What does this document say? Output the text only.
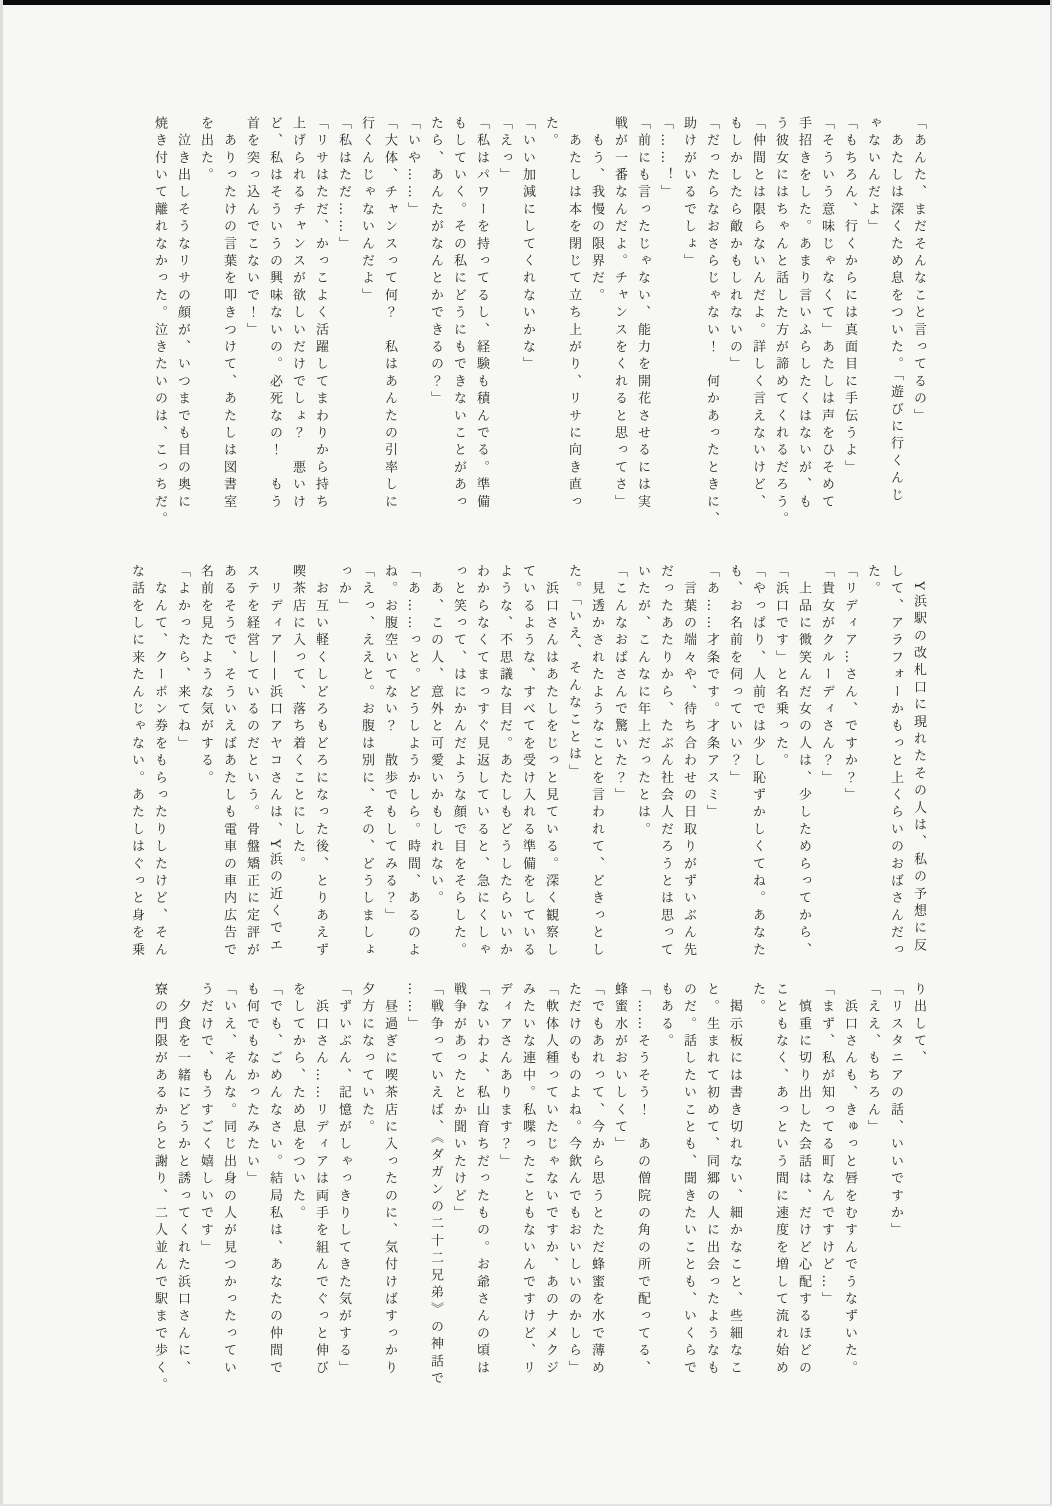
「あんた、まだそんなこと言ってるの」

　あたしは深くため息をついた。「遊びに行くんじ

ゃないんだよ」

「もちろん、行くからには真面目に手伝うよ」

「そういう意味じゃなくて」あたしは声をひそめて

手招きをした。あまり言いふらしたくはないが、も

う彼女にはちゃんと話した方が諦めてくれるだろう。

「仲間とは限らないんだよ。詳しく言えないけど、

もしかしたら敵かもしれないの」

「だったらなおさらじゃない！　何かあったときに、

助けがいるでしょ」

「……！」

「前にも言ったじゃない、能力を開花させるには実

戦が一番なんだよ。チャンスをくれると思ってさ」

　もう、我慢の限界だ。

　あたしは本を閉じて立ち上がり、リサに向き直っ

た。

「いい加減にしてくれないかな」

「えっ」

「私はパワーを持ってるし、経験も積んでる。準備

もしていく。その私にどうにもできないことがあっ

たら、あんたがなんとかできるの？」

「いや……」

「大体、チャンスって何？　私はあんたの引率しに

行くんじゃないんだよ」

「私はただ……」

「リサはただ、かっこよく活躍してまわりから持ち

上げられるチャンスが欲しいだけでしょ？　悪いけ

ど、私はそういうの興味ないの。必死なの！　もう

首を突っ込んでこないで！」

　ありったけの言葉を叩きつけて、あたしは図書室

を出た。

　泣き出しそうなリサの顔が、いつまでも目の奥に

焼き付いて離れなかった。泣きたいのは、こっちだ。

　Y浜駅の改札口に現れたその人は、私の予想に反

して、アラフォーかもっと上くらいのおばさんだっ

た。

「リディア…さん、ですか？」

「貴女がクルーディさん？」

　上品に微笑んだ女の人は、少しためらってから、

「浜口です」と名乗った。

「やっぱり、人前では少し恥ずかしくてね。あなた

も、お名前を伺っていい？」

「あ……才条です。才条アスミ」

　言葉の端々や、待ち合わせの日取りがずいぶん先

だったあたりから、たぶん社会人だろうとは思って

いたが、こんなに年上だったとは。

「こんなおばさんで驚いた？」

　見透かされたようなことを言われて、どきっとし

た。「いえ、そんなことは」

　浜口さんはあたしをじっと見ている。深く観察し

ているような、すべてを受け入れる準備をしている

ような、不思議な目だ。あたしもどうしたらいいか

わからなくてまっすぐ見返していると、急にくしゃ

っと笑って、はにかんだような顔で目をそらした。

　あ、この人、意外と可愛いかもしれない。

「あ……っと。どうしようかしら。時間、あるのよ

ね。お腹空いてない？　散歩でもしてみる？」

「えっ、ええと。お腹は別に、その、どうしましょ

っか」

　お互い軽くしどろもどろになった後、とりあえず

喫茶店に入って、落ち着くことにした。

　リディア——浜口アヤコさんは、Y浜の近くでエ

ステを経営しているのだという。骨盤矯正に定評が

あるそうで、そういえばあたしも電車の車内広告で

名前を見たような気がする。

「よかったら、来てね」

　なんて、クーポン券をもらったりしたけど、そん

な話をしに来たんじゃない。あたしはぐっと身を乗

り出して、

「リスタニアの話、いいですか」

「ええ、もちろん」

　浜口さんも、きゅっと唇をむすんでうなずいた。

「まず、私が知ってる町なんですけど…」

　慎重に切り出した会話は、だけど心配するほどの

こともなく、あっという間に速度を増して流れ始め

た。

　掲示板には書き切れない、細かなこと、些細なこ

と。生まれて初めて、同郷の人に出会ったようなも

のだ。話したいことも、聞きたいことも、いくらで

もある。

「……そうそう！　あの僧院の角の所で配ってる、

蜂蜜水がおいしくて」

「でもあれって、今から思うとただ蜂蜜を水で薄め

ただけのものよね。今飲んでもおいしいのかしら」

「軟体人種っていたじゃないですか、あのナメクジ

みたいな連中。私喋ったこともないんですけど、リ

ディアさんあります？」

「ないわよ、私山育ちだったもの。お爺さんの頃は

戦争があったとか聞いたけど」

「戦争っていえば、《ダガンの二十二兄弟》の神話で

……」

　昼過ぎに喫茶店に入ったのに、気付けばすっかり

夕方になっていた。

「ずいぶん、記憶がしゃっきりしてきた気がする」

　浜口さん……リディアは両手を組んでぐっと伸び

をしてから、ため息をついた。

「でも、ごめんなさい。結局私は、あなたの仲間で

も何でもなかったみたい」

「いえ、そんな。同じ出身の人が見つかったってい

うだけで、もうすごく嬉しいです」

　夕食を一緒にどうかと誘ってくれた浜口さんに、

寮の門限があるからと謝り、二人並んで駅まで歩く。
